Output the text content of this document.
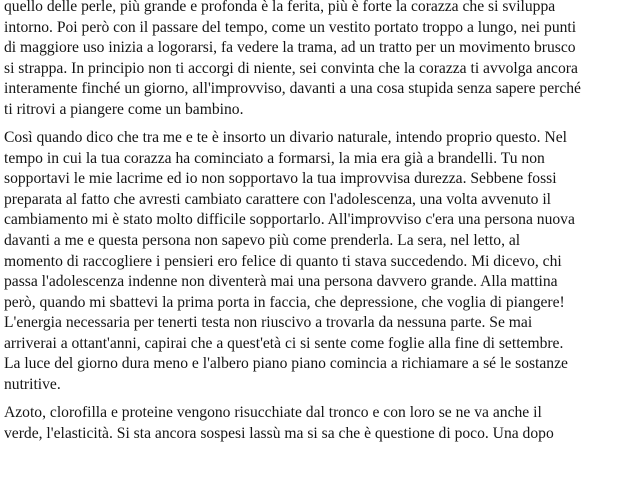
quello delle perle, più grande e profonda è la ferita, più è forte la corazza che si sviluppa
intorno. Poi però con il passare del tempo, come un vestito portato troppo a lungo, nei punti
di maggiore uso inizia a logorarsi, fa vedere la trama, ad un tratto per un movimento brusco
si strappa. In principio non ti accorgi di niente, sei convinta che la corazza ti avvolga ancora
interamente finché un giorno, all'improvviso, davanti a una cosa stupida senza sapere perché
ti ritrovi a piangere come un bambino.
Così quando dico che tra me e te è insorto un divario naturale, intendo proprio questo. Nel
tempo in cui la tua corazza ha cominciato a formarsi, la mia era già a brandelli. Tu non
sopportavi le mie lacrime ed io non sopportavo la tua improvvisa durezza. Sebbene fossi
preparata al fatto che avresti cambiato carattere con l'adolescenza, una volta avvenuto il
cambiamento mi è stato molto difficile sopportarlo. All'improvviso c'era una persona nuova
davanti a me e questa persona non sapevo più come prenderla. La sera, nel letto, al
momento di raccogliere i pensieri ero felice di quanto ti stava succedendo. Mi dicevo, chi
passa l'adolescenza indenne non diventerà mai una persona davvero grande. Alla mattina
però, quando mi sbattevi la prima porta in faccia, che depressione, che voglia di piangere!
L'energia necessaria per tenerti testa non riuscivo a trovarla da nessuna parte. Se mai
arriverai a ottant'anni, capirai che a quest'età ci si sente come foglie alla fine di settembre.
La luce del giorno dura meno e l'albero piano piano comincia a richiamare a sé le sostanze
nutritive.
Azoto, clorofilla e proteine vengono risucchiate dal tronco e con loro se ne va anche il
verde, l'elasticità. Si sta ancora sospesi lassù ma si sa che è questione di poco. Una dopo
